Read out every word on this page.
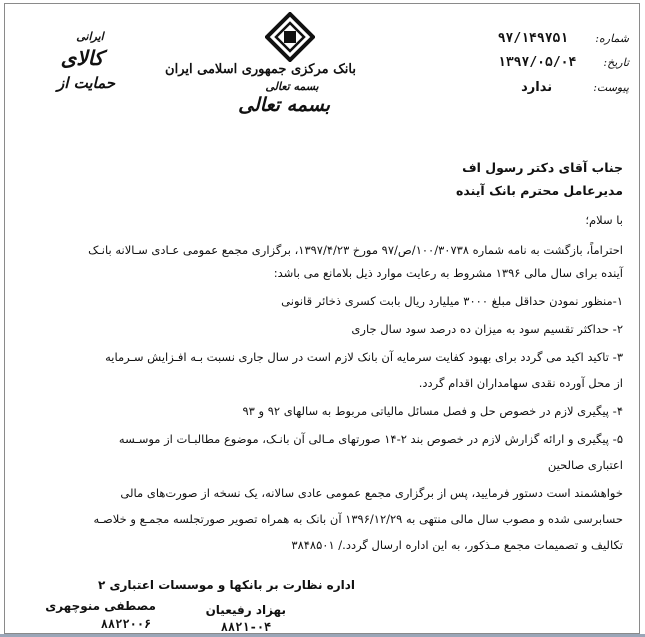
شماره: ۹۷/۱۴۹۷۵۱
تاریخ: ۱۳۹۷/۰۵/۰۴
پیوست: ندارد
بانک مرکزی جمهوری اسلامی ایران
بسمه تعالی
بسمه تعالی
ایرانی
کالای
حمایت از
جناب آقای دکتر رسول اف
مدیرعامل محترم بانک آینده
با سلام؛
احتراماً، بازگشت به نامه شماره ۱۰۰/۳۰۷۳۸/ص/۹۷ مورخ ۱۳۹۷/۴/۲۳، برگزاری مجمع عمومی عـادی سـالانه بانـک
آینده برای سال مالی ۱۳۹۶ مشروط به رعایت موارد ذیل بلامانع می باشد:
۱-منظور نمودن حداقل مبلغ ۳۰۰۰ میلیارد ریال بابت کسری ذخائر قانونی
۲- حداکثر تقسیم سود به میزان ده درصد سود سال جاری
۳- تاکید اکید می گردد برای بهبود کفایت سرمایه آن بانک لازم است در سال جاری نسبت بـه افـزایش سـرمایه
از محل آورده نقدی سهامداران اقدام گردد.
۴- پیگیری لازم در خصوص حل و فصل مسائل مالیاتی مربوط به سالهای ۹۲ و ۹۳
۵- پیگیری و ارائه گزارش لازم در خصوص بند ۲-۱۴ صورتهای مـالی آن بانـک، موضوع مطالبـات از موسـسه
اعتباری صالحین
خواهشمند است دستور فرمایید، پس از برگزاری مجمع عمومی عادی سالانه، یک نسخه از صورت‌های مالی
حسابرسی شده و مصوب سال مالی منتهی به ۱۳۹۶/۱۲/۲۹ آن بانک به همراه تصویر صورتجلسه مجمـع و خلاصـه
تکالیف و تصمیمات مجمع مـذکور، به این اداره ارسال گردد./ ۳۸۴۸۵۰۱
اداره نظارت بر بانکها و موسسات اعتباری ۲
مصطفی منوچهری
۸۸۲۲۰۰۶
بهزاد رفیعیان
۸۸۲۱-۰۴
